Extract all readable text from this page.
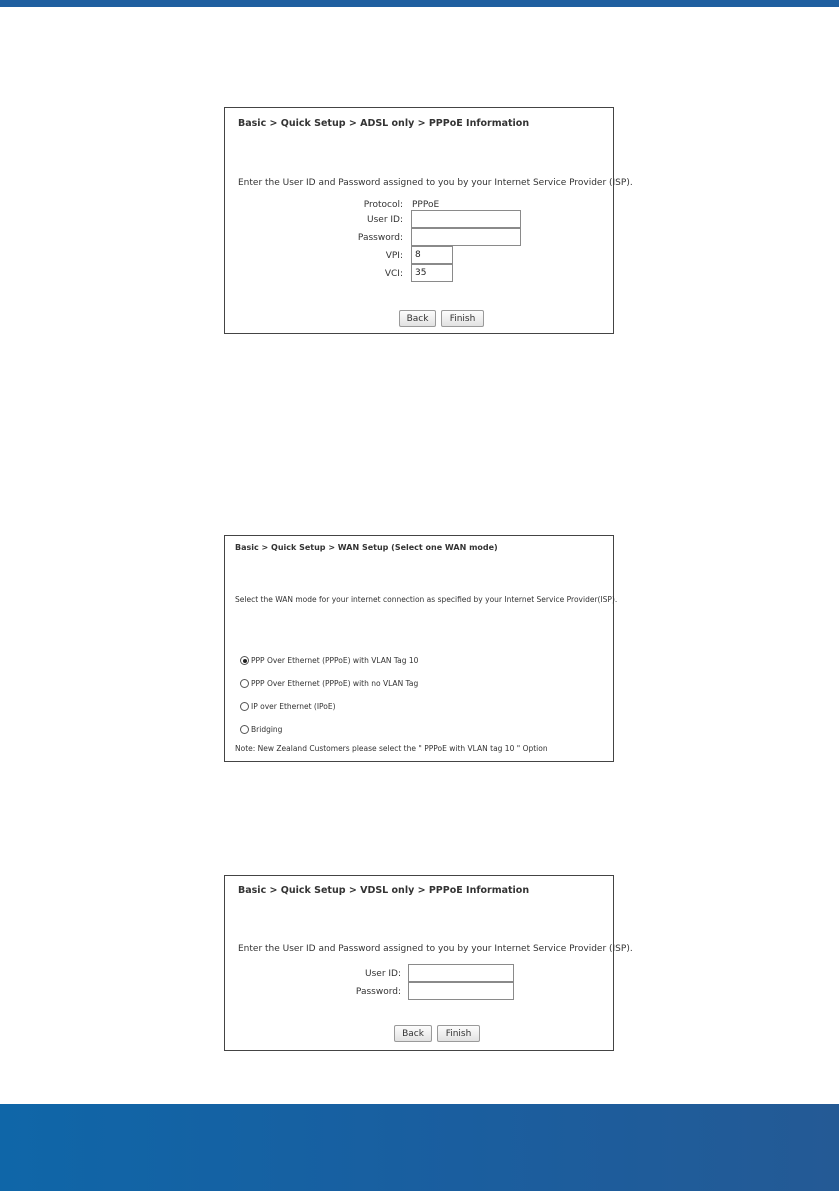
Basic > Quick Setup > ADSL only > PPPoE Information
Enter the User ID and Password assigned to you by your Internet Service Provider (ISP).
Protocol: PPPoE
User ID:
Password:
VPI:
8
VCI:
35
Back	Finish
Basic > Quick Setup > WAN Setup (Select one WAN mode)
Select the WAN mode for your internet connection as specified by your Internet Service Provider(ISP).
PPP Over Ethernet (PPPoE) with VLAN Tag 10
PPP Over Ethernet (PPPoE) with no VLAN Tag
IP over Ethernet (IPoE)
Bridging
Note: New Zealand Customers please select the " PPPoE with VLAN tag 10 " Option
Basic > Quick Setup > VDSL only > PPPoE Information
Enter the User ID and Password assigned to you by your Internet Service Provider (ISP).
User ID:
Password:
Back	Finish
